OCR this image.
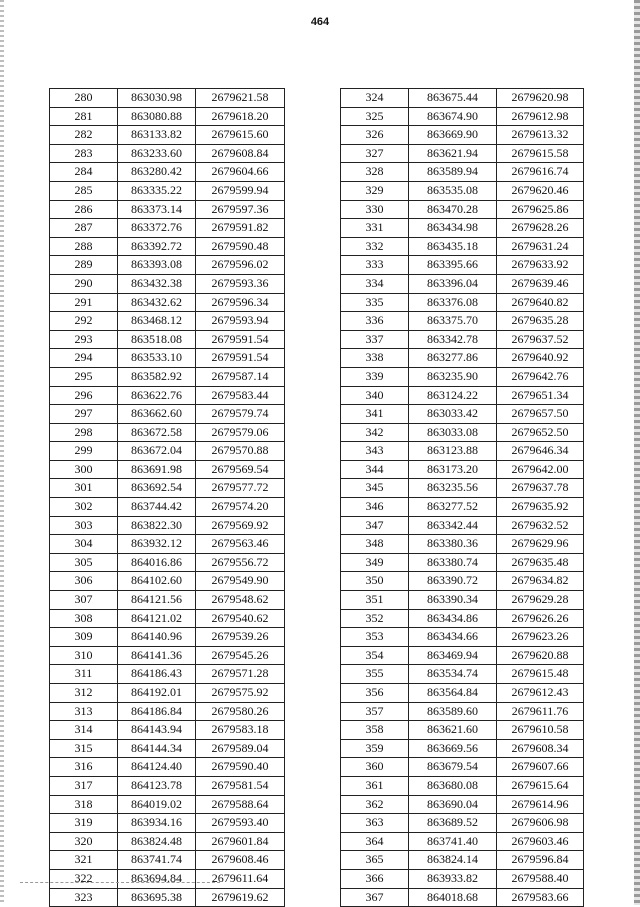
464
280	863030.98	2679621.58
281	863080.88	2679618.20
282	863133.82	2679615.60
283	863233.60	2679608.84
284	863280.42	2679604.66
285	863335.22	2679599.94
286	863373.14	2679597.36
287	863372.76	2679591.82
288	863392.72	2679590.48
289	863393.08	2679596.02
290	863432.38	2679593.36
291	863432.62	2679596.34
292	863468.12	2679593.94
293	863518.08	2679591.54
294	863533.10	2679591.54
295	863582.92	2679587.14
296	863622.76	2679583.44
297	863662.60	2679579.74
298	863672.58	2679579.06
299	863672.04	2679570.88
300	863691.98	2679569.54
301	863692.54	2679577.72
302	863744.42	2679574.20
303	863822.30	2679569.92
304	863932.12	2679563.46
305	864016.86	2679556.72
306	864102.60	2679549.90
307	864121.56	2679548.62
308	864121.02	2679540.62
309	864140.96	2679539.26
310	864141.36	2679545.26
311	864186.43	2679571.28
312	864192.01	2679575.92
313	864186.84	2679580.26
314	864143.94	2679583.18
315	864144.34	2679589.04
316	864124.40	2679590.40
317	864123.78	2679581.54
318	864019.02	2679588.64
319	863934.16	2679593.40
320	863824.48	2679601.84
321	863741.74	2679608.46
322	863694.84	2679611.64
323	863695.38	2679619.62
324	863675.44	2679620.98
325	863674.90	2679612.98
326	863669.90	2679613.32
327	863621.94	2679615.58
328	863589.94	2679616.74
329	863535.08	2679620.46
330	863470.28	2679625.86
331	863434.98	2679628.26
332	863435.18	2679631.24
333	863395.66	2679633.92
334	863396.04	2679639.46
335	863376.08	2679640.82
336	863375.70	2679635.28
337	863342.78	2679637.52
338	863277.86	2679640.92
339	863235.90	2679642.76
340	863124.22	2679651.34
341	863033.42	2679657.50
342	863033.08	2679652.50
343	863123.88	2679646.34
344	863173.20	2679642.00
345	863235.56	2679637.78
346	863277.52	2679635.92
347	863342.44	2679632.52
348	863380.36	2679629.96
349	863380.74	2679635.48
350	863390.72	2679634.82
351	863390.34	2679629.28
352	863434.86	2679626.26
353	863434.66	2679623.26
354	863469.94	2679620.88
355	863534.74	2679615.48
356	863564.84	2679612.43
357	863589.60	2679611.76
358	863621.60	2679610.58
359	863669.56	2679608.34
360	863679.54	2679607.66
361	863680.08	2679615.64
362	863690.04	2679614.96
363	863689.52	2679606.98
364	863741.40	2679603.46
365	863824.14	2679596.84
366	863933.82	2679588.40
367	864018.68	2679583.66
